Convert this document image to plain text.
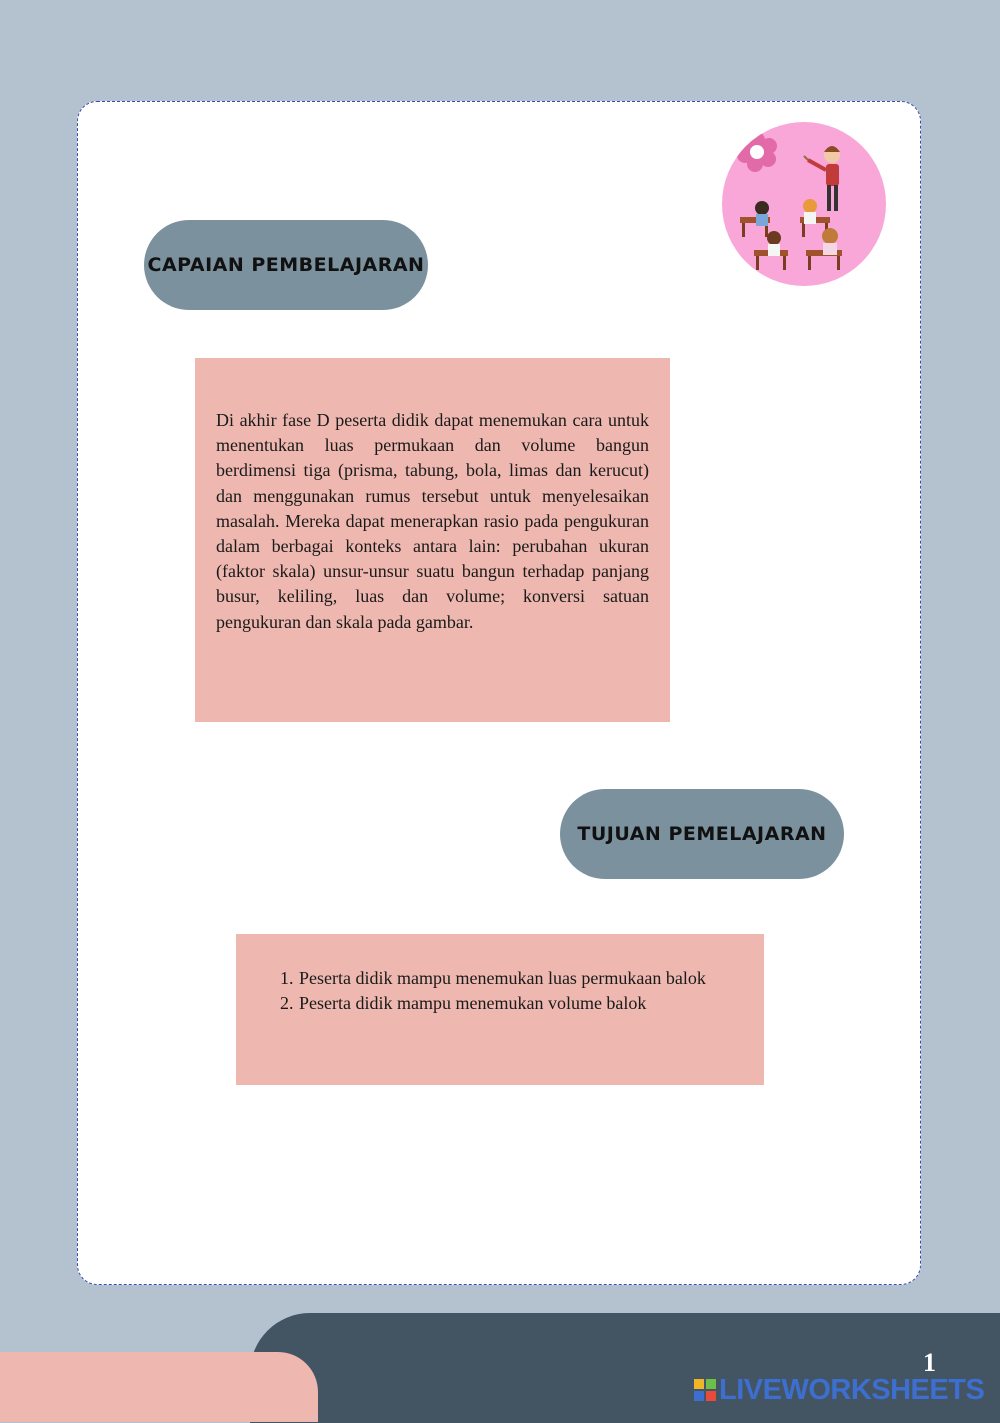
CAPAIAN PEMBELAJARAN

Di akhir fase D peserta didik dapat menemukan cara untuk menentukan luas permukaan dan volume bangun berdimensi tiga (prisma, tabung, bola, limas dan kerucut) dan menggunakan rumus tersebut untuk menyelesaikan masalah. Mereka dapat menerapkan rasio pada pengukuran dalam berbagai konteks antara lain: perubahan ukuran (faktor skala) unsur-unsur suatu bangun terhadap panjang busur, keliling, luas dan volume; konversi satuan pengukuran dan skala pada gambar.

TUJUAN PEMELAJARAN
1. Peserta didik mampu menemukan luas permukaan balok
2. Peserta didik mampu menemukan volume balok
1
LIVEWORKSHEETS
